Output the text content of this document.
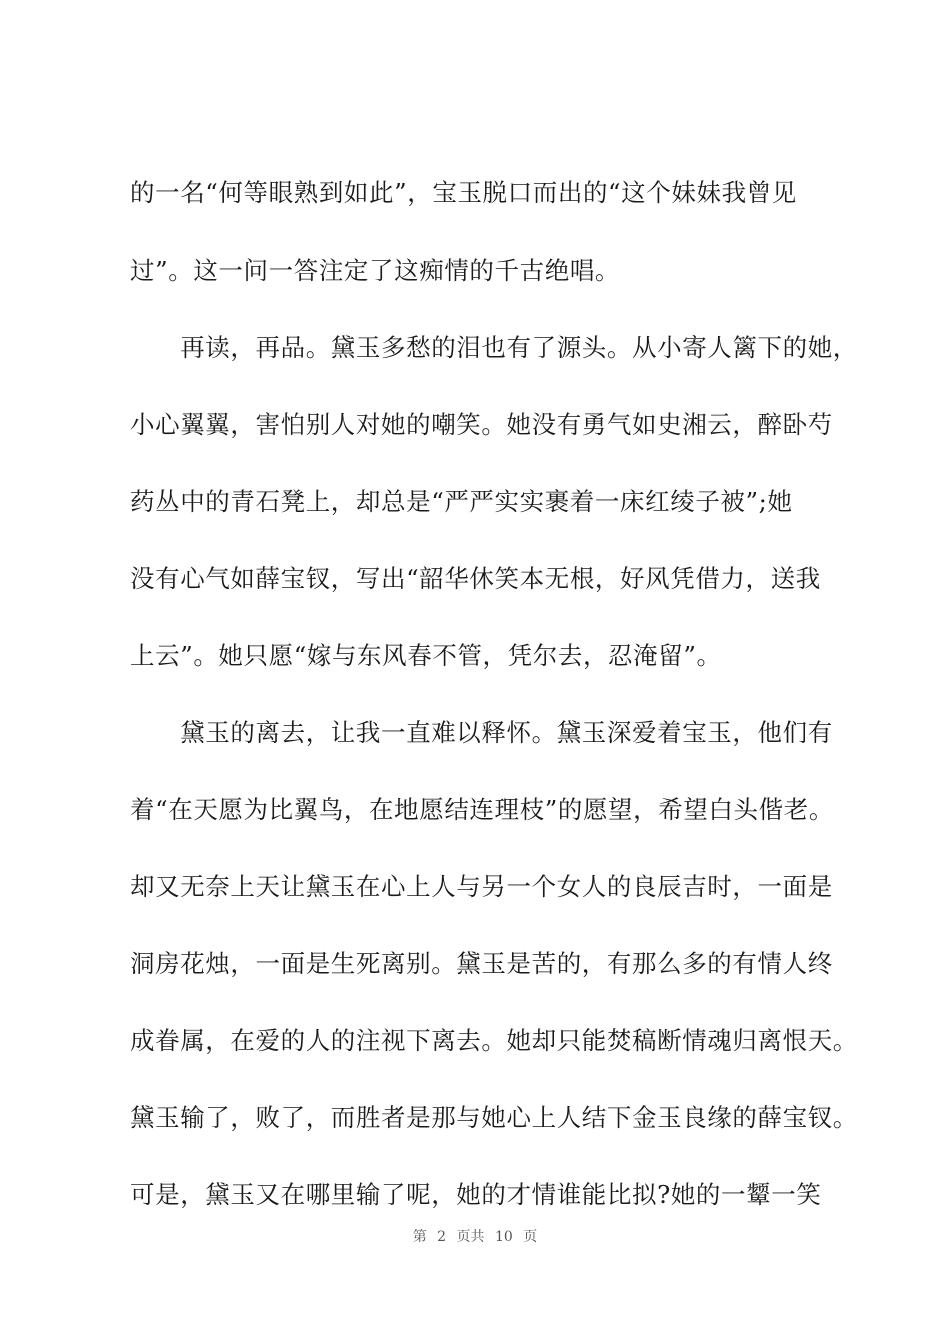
的一名“何等眼熟到如此”，宝玉脱口而出的“这个妹妹我曾见

过”。这一问一答注定了这痴情的千古绝唱。

　　再读，再品。黛玉多愁的泪也有了源头。从小寄人篱下的她，

小心翼翼，害怕别人对她的嘲笑。她没有勇气如史湘云，醉卧芍

药丛中的青石凳上，却总是“严严实实裹着一床红绫子被”;她

没有心气如薛宝钗，写出“韶华休笑本无根，好风凭借力，送我

上云”。她只愿“嫁与东风春不管，凭尔去，忍淹留”。

　　黛玉的离去，让我一直难以释怀。黛玉深爱着宝玉，他们有

着“在天愿为比翼鸟，在地愿结连理枝”的愿望，希望白头偕老。

却又无奈上天让黛玉在心上人与另一个女人的良辰吉时，一面是

洞房花烛，一面是生死离别。黛玉是苦的，有那么多的有情人终

成眷属，在爱的人的注视下离去。她却只能焚稿断情魂归离恨天。

黛玉输了，败了，而胜者是那与她心上人结下金玉良缘的薛宝钗。

可是，黛玉又在哪里输了呢，她的才情谁能比拟?她的一颦一笑

第 2 页共 10 页
